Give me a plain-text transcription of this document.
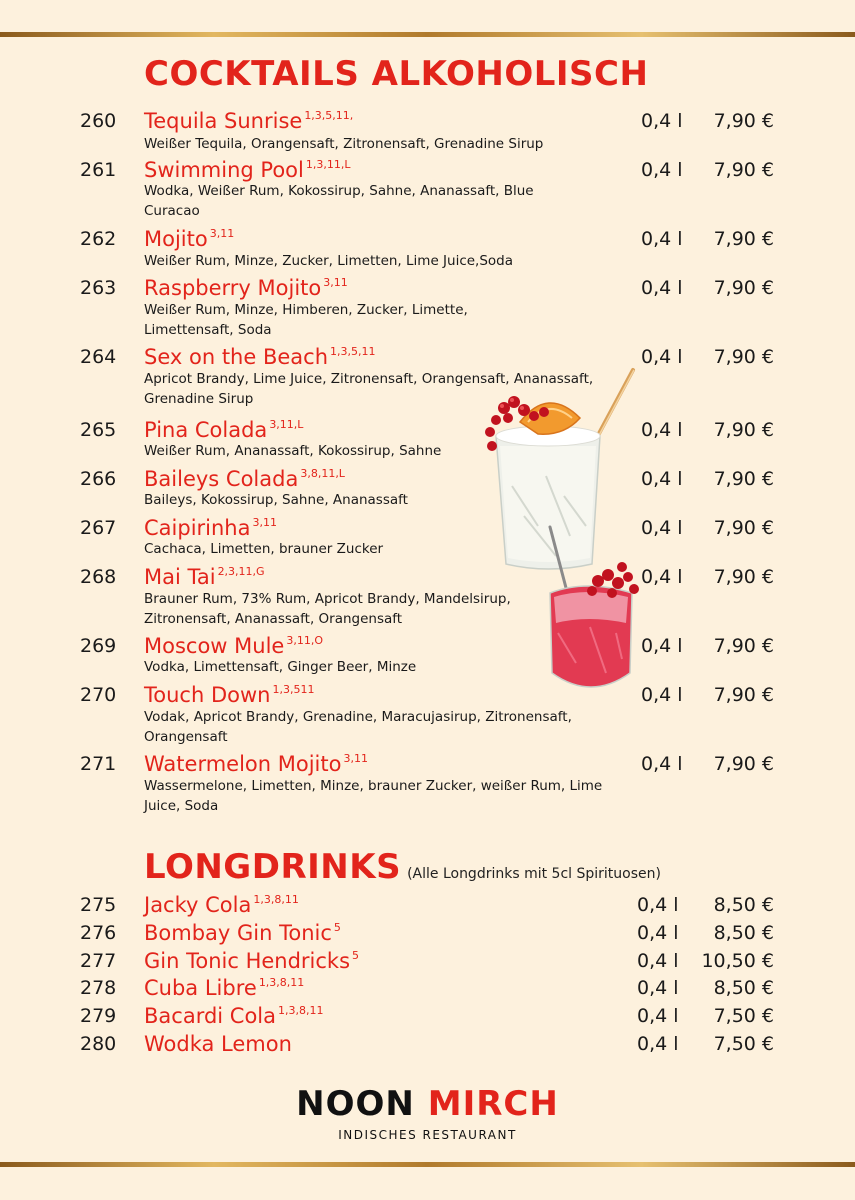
COCKTAILS ALKOHOLISCH
260 Tequila Sunrise $^{1,3,5,11,}$
Weißer Tequila, Orangensaft, Zitronensaft, Grenadine Sirup
0,4 l	7,90 €
261 Swimming Pool $^{1,3,11,L}$
Wodka, Weißer Rum, Kokossirup, Sahne, Ananassaft, Blue Curacao
0,4 l	7,90 €
262 Mojito $^{3,11}$
Weißer Rum, Minze, Zucker, Limetten, Lime Juice,Soda
0,4 l	7,90 €
263 Raspberry Mojito $^{3,11}$
Weißer Rum, Minze, Himberen, Zucker, Limette, Limettensaft, Soda
0,4 l	7,90 €
264 Sex on the Beach $^{1,3,5,11}$
Apricot Brandy, Lime Juice, Zitronensaft, Orangensaft, Ananassaft, Grenadine Sirup
0,4 l	7,90 €
265 Pina Colada $^{3,11,L}$
Weißer Rum, Ananassaft, Kokossirup, Sahne
0,4 l	7,90 €
266 Baileys Colada $^{3,8,11,L}$
Baileys, Kokossirup, Sahne, Ananassaft
0,4 l	7,90 €
267 Caipirinha $^{3,11}$
Cachaca, Limetten, brauner Zucker
0,4 l	7,90 €
268 Mai Tai $^{2,3,11,G}$
Brauner Rum, 73% Rum, Apricot Brandy, Mandelsirup, Zitronensaft, Ananassaft, Orangensaft
0,4 l	7,90 €
269 Moscow Mule $^{3,11,O}$
Vodka, Limettensaft, Ginger Beer, Minze
0,4 l	7,90 €
270 Touch Down $^{1,3,511}$
Vodak, Apricot Brandy, Grenadine, Maracujasirup, Zitronensaft, Orangensaft
0,4 l	7,90 €
271 Watermelon Mojito $^{3,11}$
Wassermelone, Limetten, Minze, brauner Zucker, weißer Rum, Lime Juice, Soda
0,4 l	7,90 €
LONGDRINKS (Alle Longdrinks mit 5cl Spirituosen)
275 Jacky Cola $^{1,3,8,11}$	0,4 l	8,50 €
276 Bombay Gin Tonic $^5$	0,4 l	8,50 €
277 Gin Tonic Hendricks $^5$	0,4 l	10,50 €
278 Cuba Libre $^{1,3,8,11}$	0,4 l	8,50 €
279 Bacardi Cola $^{1,3,8,11}$	0,4 l	7,50 €
280 Wodka Lemon	0,4 l	7,50 €
NOON MIRCH
INDISCHES RESTAURANT
